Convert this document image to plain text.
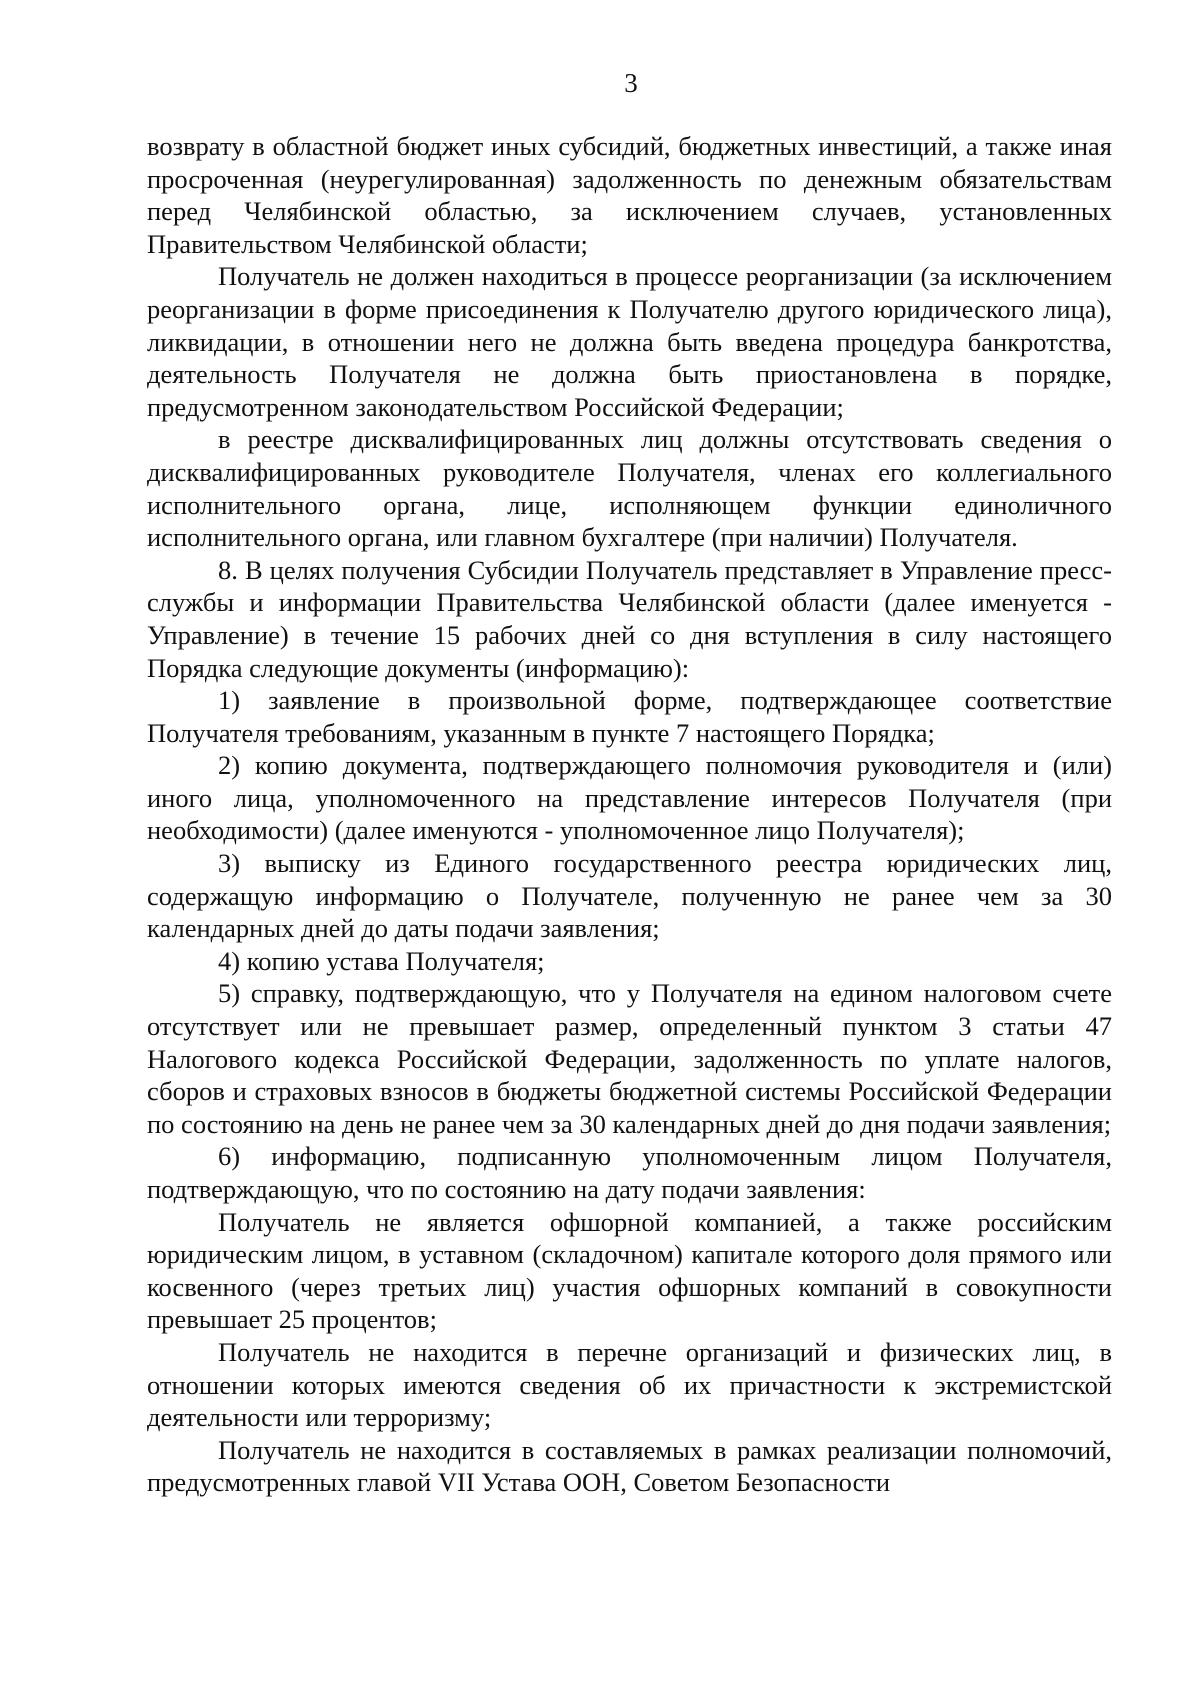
3

возврату в областной бюджет иных субсидий, бюджетных инвестиций, а также иная просроченная (неурегулированная) задолженность по денежным обязательствам перед Челябинской областью, за исключением случаев, установленных Правительством Челябинской области;

Получатель не должен находиться в процессе реорганизации (за исключением реорганизации в форме присоединения к Получателю другого юридического лица), ликвидации, в отношении него не должна быть введена процедура банкротства, деятельность Получателя не должна быть приостановлена в порядке, предусмотренном законодательством Российской Федерации;

в реестре дисквалифицированных лиц должны отсутствовать сведения о дисквалифицированных руководителе Получателя, членах его коллегиального исполнительного органа, лице, исполняющем функции единоличного исполнительного органа, или главном бухгалтере (при наличии) Получателя.

8. В целях получения Субсидии Получатель представляет в Управление пресс-службы и информации Правительства Челябинской области (далее именуется - Управление) в течение 15 рабочих дней со дня вступления в силу настоящего Порядка следующие документы (информацию):

1) заявление в произвольной форме, подтверждающее соответствие Получателя требованиям, указанным в пункте 7 настоящего Порядка;

2) копию документа, подтверждающего полномочия руководителя и (или) иного лица, уполномоченного на представление интересов Получателя (при необходимости) (далее именуются - уполномоченное лицо Получателя);

3) выписку из Единого государственного реестра юридических лиц, содержащую информацию о Получателе, полученную не ранее чем за 30 календарных дней до даты подачи заявления;

4) копию устава Получателя;

5) справку, подтверждающую, что у Получателя на едином налоговом счете отсутствует или не превышает размер, определенный пунктом 3 статьи 47 Налогового кодекса Российской Федерации, задолженность по уплате налогов, сборов и страховых взносов в бюджеты бюджетной системы Российской Федерации по состоянию на день не ранее чем за 30 календарных дней до дня подачи заявления;

6) информацию, подписанную уполномоченным лицом Получателя, подтверждающую, что по состоянию на дату подачи заявления:

Получатель не является офшорной компанией, а также российским юридическим лицом, в уставном (складочном) капитале которого доля прямого или косвенного (через третьих лиц) участия офшорных компаний в совокупности превышает 25 процентов;

Получатель не находится в перечне организаций и физических лиц, в отношении которых имеются сведения об их причастности к экстремистской деятельности или терроризму;

Получатель не находится в составляемых в рамках реализации полномочий, предусмотренных главой VII Устава ООН, Советом Безопасности
